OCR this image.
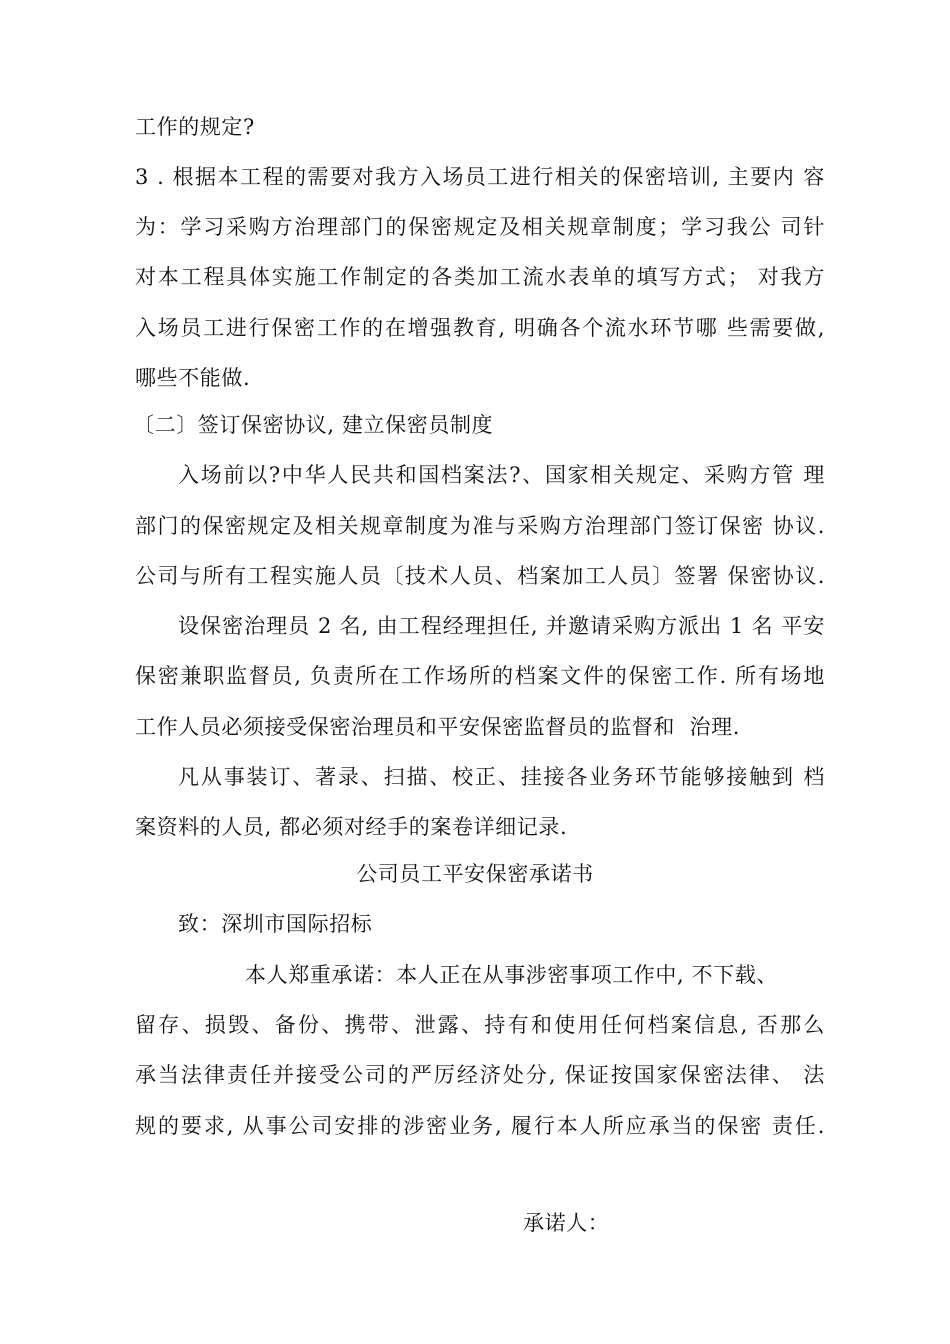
工作的规定?
3 . 根据本工程的需要对我方入场员工进行相关的保密培训, 主要内 容
为：学习采购方治理部门的保密规定及相关规章制度；学习我公 司针
对本工程具体实施工作制定的各类加工流水表单的填写方式； 对我方
入场员工进行保密工作的在增强教育, 明确各个流水环节哪 些需要做,
哪些不能做.
〔二〕签订保密协议, 建立保密员制度
入场前以?中华人民共和国档案法?、国家相关规定、采购方管 理
部门的保密规定及相关规章制度为准与采购方治理部门签订保密 协议.
公司与所有工程实施人员〔技术人员、档案加工人员〕签署 保密协议.
设保密治理员 2 名, 由工程经理担任, 并邀请采购方派出 1 名 平安
保密兼职监督员, 负责所在工作场所的档案文件的保密工作. 所有场地
工作人员必须接受保密治理员和平安保密监督员的监督和  治理.
凡从事装订、著录、扫描、校正、挂接各业务环节能够接触到 档
案资料的人员, 都必须对经手的案卷详细记录.
公司员工平安保密承诺书
致：深圳市国际招标
本人郑重承诺：本人正在从事涉密事项工作中, 不下载、
留存、损毁、备份、携带、泄露、持有和使用任何档案信息, 否那么
承当法律责任并接受公司的严厉经济处分, 保证按国家保密法律、 法
规的要求, 从事公司安排的涉密业务, 履行本人所应承当的保密 责任.
承诺人：
